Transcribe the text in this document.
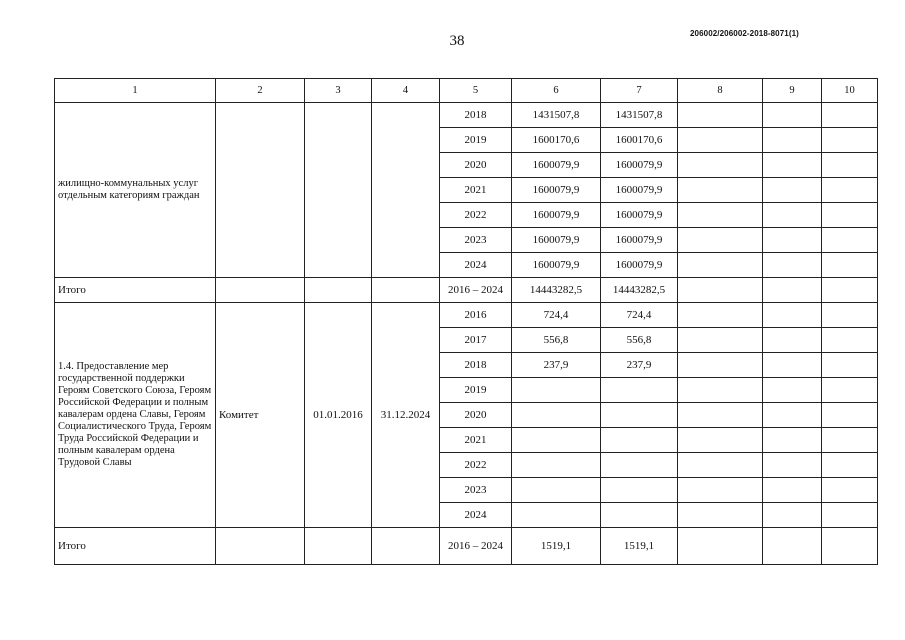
38	206002/206002-2018-8071(1)
1	2	3	4	5	6	7	8	9	10
жилищно-коммунальных услуг отдельным категориям граждан				2018	1431507,8	1431507,8			
				2019	1600170,6	1600170,6			
				2020	1600079,9	1600079,9			
				2021	1600079,9	1600079,9			
				2022	1600079,9	1600079,9			
				2023	1600079,9	1600079,9			
				2024	1600079,9	1600079,9			
Итого				2016 – 2024	14443282,5	14443282,5			
1.4. Предоставление мер государственной поддержки Героям Советского Союза, Героям Российской Федерации и полным кавалерам ордена Славы, Героям Социалистического Труда, Героям Труда Российской Федерации и полным кавалерам ордена Трудовой Славы	Комитет	01.01.2016	31.12.2024	2016	724,4	724,4			
				2017	556,8	556,8			
				2018	237,9	237,9			
				2019					
				2020					
				2021					
				2022					
				2023					
				2024					
Итого				2016 – 2024	1519,1	1519,1			
